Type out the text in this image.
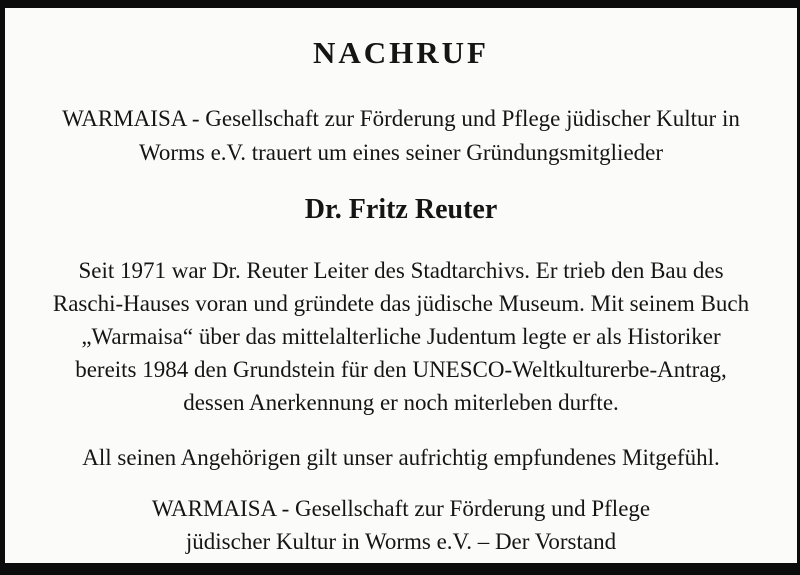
NACHRUF
WARMAISA - Gesellschaft zur Förderung und Pflege jüdischer Kultur in
Worms e.V. trauert um eines seiner Gründungsmitglieder
Dr. Fritz Reuter
Seit 1971 war Dr. Reuter Leiter des Stadtarchivs. Er trieb den Bau des
Raschi-Hauses voran und gründete das jüdische Museum. Mit seinem Buch
„Warmaisa“ über das mittelalterliche Judentum legte er als Historiker
bereits 1984 den Grundstein für den UNESCO-Weltkulturerbe-Antrag,
dessen Anerkennung er noch miterleben durfte.
All seinen Angehörigen gilt unser aufrichtig empfundenes Mitgefühl.
WARMAISA - Gesellschaft zur Förderung und Pflege
jüdischer Kultur in Worms e.V. – Der Vorstand
